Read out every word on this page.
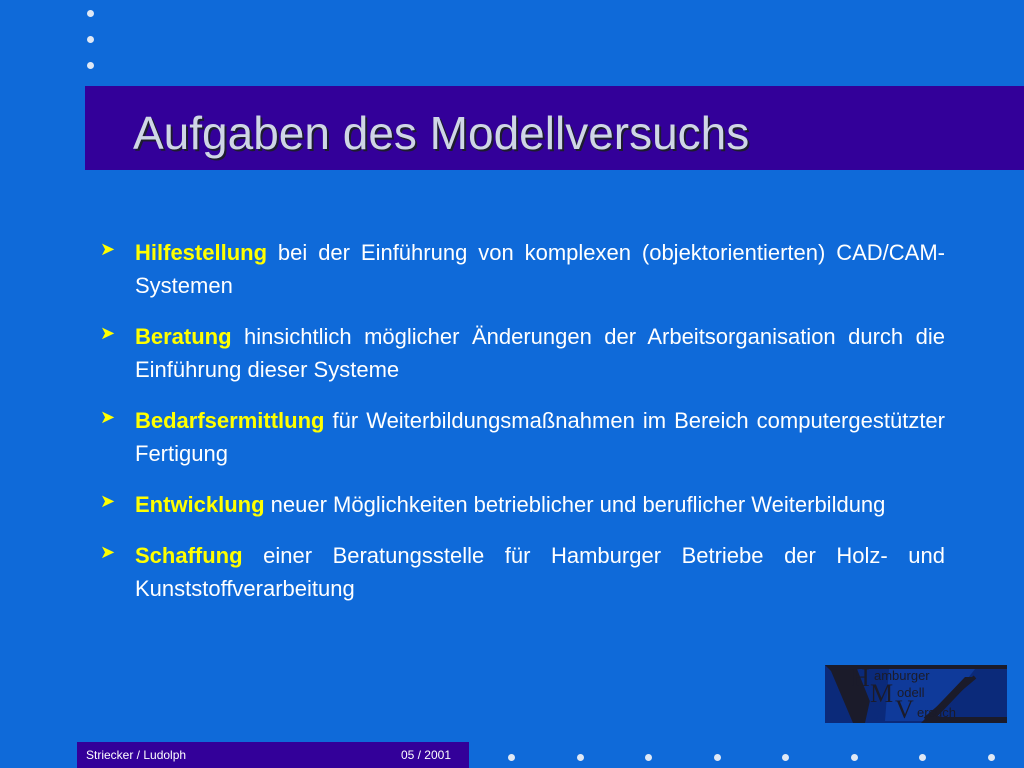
Aufgaben des Modellversuchs
➤ Hilfestellung bei der Einführung von komplexen (objektorientierten) CAD/CAM-Systemen
➤ Beratung hinsichtlich möglicher Änderungen der Arbeitsorganisation durch die Einführung dieser Systeme
➤ Bedarfsermittlung für Weiterbildungsmaßnahmen im Bereich computergestützter Fertigung
➤ Entwicklung neuer Möglichkeiten betrieblicher und beruflicher Weiterbildung
➤ Schaffung einer Beratungsstelle für Hamburger Betriebe der Holz- und Kunststoffverarbeitung
H amburger
M odell
V ersuch
Striecker / Ludolph	05 / 2001
